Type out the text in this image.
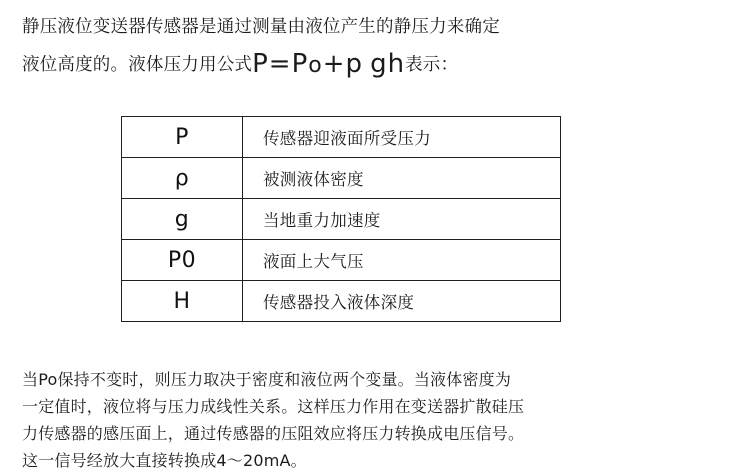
静压液位变送器传感器是通过测量由液位产生的静压力来确定
液位高度的。液体压力用公式P=Po+p gh表示：
P	传感器迎液面所受压力
ρ	被测液体密度
g	当地重力加速度
P0	液面上大气压
H	传感器投入液体深度

当Po保持不变时，则压力取决于密度和液位两个变量。当液体密度为

一定值时，液位将与压力成线性关系。这样压力作用在变送器扩散硅压

力传感器的感压面上，通过传感器的压阻效应将压力转换成电压信号。

这一信号经放大直接转换成4～20mA。
